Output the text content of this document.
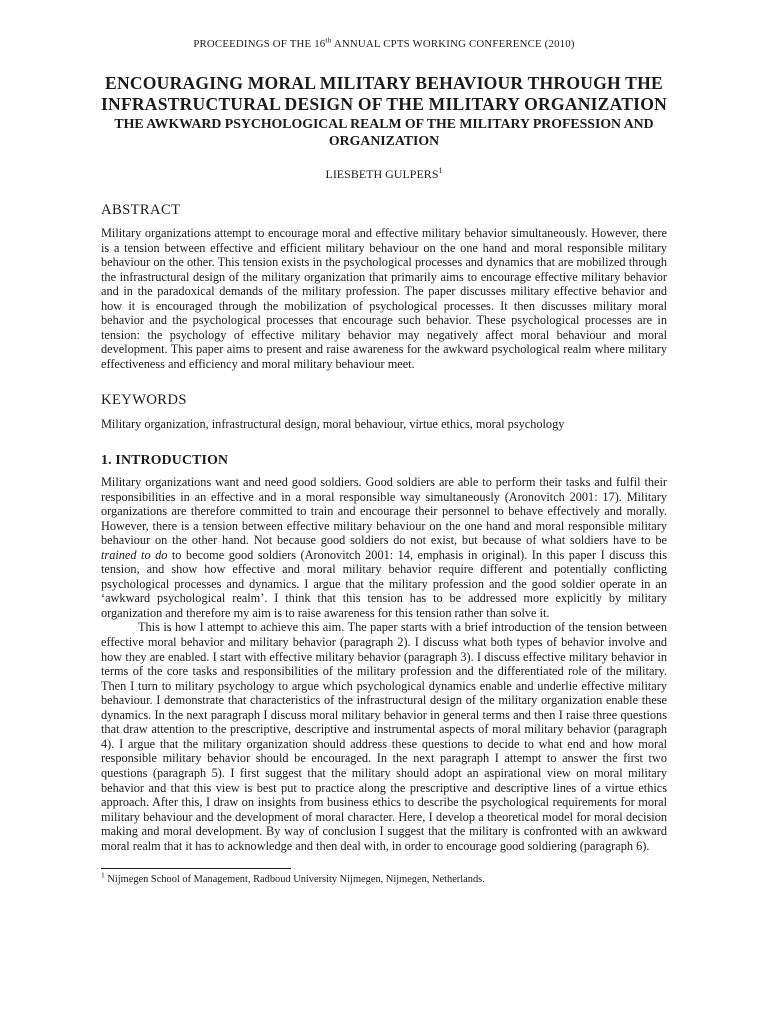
PROCEEDINGS OF THE 16th ANNUAL CPTS WORKING CONFERENCE (2010)
ENCOURAGING MORAL MILITARY BEHAVIOUR THROUGH THE INFRASTRUCTURAL DESIGN OF THE MILITARY ORGANIZATION
THE AWKWARD PSYCHOLOGICAL REALM OF THE MILITARY PROFESSION AND ORGANIZATION
LIESBETH GULPERS$^1$
ABSTRACT

Military organizations attempt to encourage moral and effective military behavior simultaneously. However, there is a tension between effective and efficient military behaviour on the one hand and moral responsible military behaviour on the other. This tension exists in the psychological processes and dynamics that are mobilized through the infrastructural design of the military organization that primarily aims to encourage effective military behavior and in the paradoxical demands of the military profession. The paper discusses military effective behavior and how it is encouraged through the mobilization of psychological processes. It then discusses military moral behavior and the psychological processes that encourage such behavior. These psychological processes are in tension: the psychology of effective military behavior may negatively affect moral behaviour and moral development. This paper aims to present and raise awareness for the awkward psychological realm where military effectiveness and efficiency and moral military behaviour meet.

KEYWORDS

Military organization, infrastructural design, moral behaviour, virtue ethics, moral psychology

1. INTRODUCTION

Military organizations want and need good soldiers. Good soldiers are able to perform their tasks and fulfil their responsibilities in an effective and in a moral responsible way simultaneously (Aronovitch 2001: 17). Military organizations are therefore committed to train and encourage their personnel to behave effectively and morally. However, there is a tension between effective military behaviour on the one hand and moral responsible military behaviour on the other hand. Not because good soldiers do not exist, but because of what soldiers have to be trained to do to become good soldiers (Aronovitch 2001: 14, emphasis in original). In this paper I discuss this tension, and show how effective and moral military behavior require different and potentially conflicting psychological processes and dynamics. I argue that the military profession and the good soldier operate in an ‘awkward psychological realm’. I think that this tension has to be addressed more explicitly by military organization and therefore my aim is to raise awareness for this tension rather than solve it.

This is how I attempt to achieve this aim. The paper starts with a brief introduction of the tension between effective moral behavior and military behavior (paragraph 2). I discuss what both types of behavior involve and how they are enabled. I start with effective military behavior (paragraph 3). I discuss effective military behavior in terms of the core tasks and responsibilities of the military profession and the differentiated role of the military. Then I turn to military psychology to argue which psychological dynamics enable and underlie effective military behaviour. I demonstrate that characteristics of the infrastructural design of the military organization enable these dynamics. In the next paragraph I discuss moral military behavior in general terms and then I raise three questions that draw attention to the prescriptive, descriptive and instrumental aspects of moral military behavior (paragraph 4). I argue that the military organization should address these questions to decide to what end and how moral responsible military behavior should be encouraged. In the next paragraph I attempt to answer the first two questions (paragraph 5). I first suggest that the military should adopt an aspirational view on moral military behavior and that this view is best put to practice along the prescriptive and descriptive lines of a virtue ethics approach. After this, I draw on insights from business ethics to describe the psychological requirements for moral military behaviour and the development of moral character. Here, I develop a theoretical model for moral decision making and moral development. By way of conclusion I suggest that the military is confronted with an awkward moral realm that it has to acknowledge and then deal with, in order to encourage good soldiering (paragraph 6).

$^1$ Nijmegen School of Management, Radboud University Nijmegen, Nijmegen, Netherlands.
